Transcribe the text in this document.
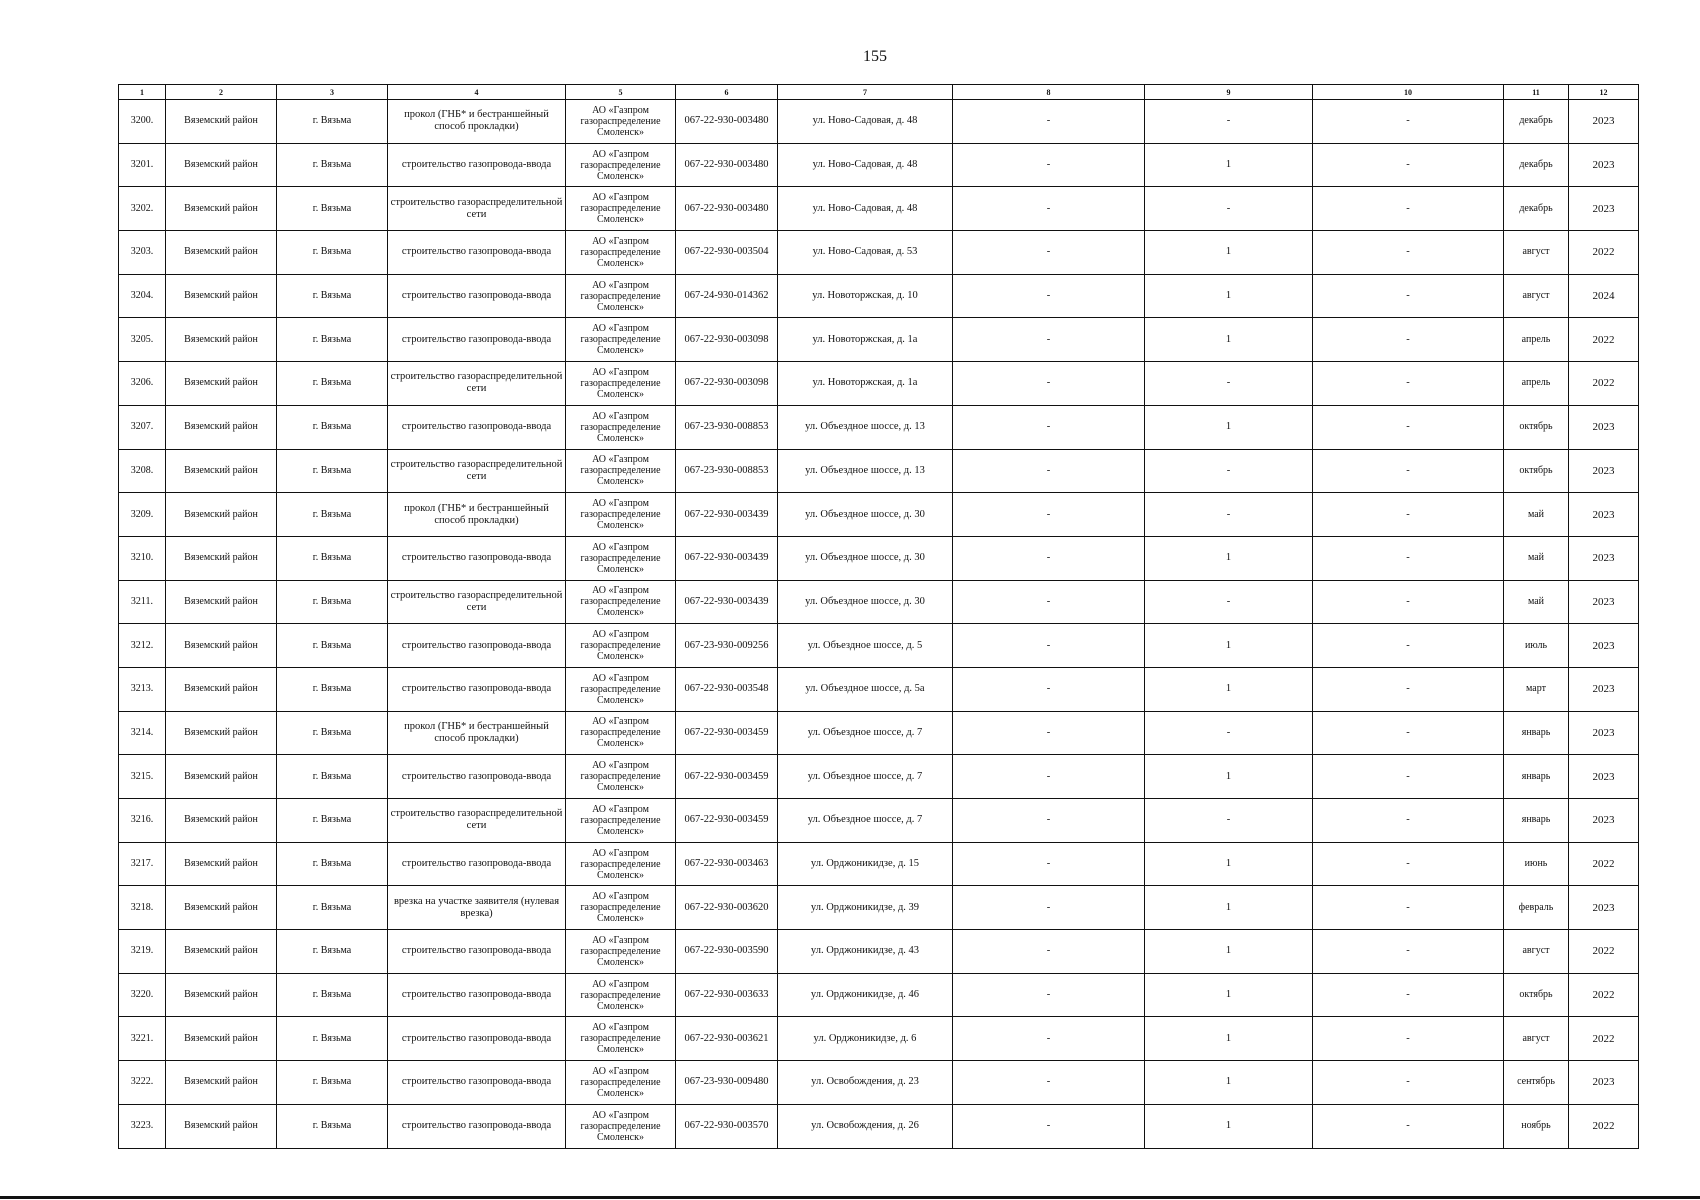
155
1	2	3	4	5	6	7	8	9	10	11	12
3200.	Вяземский район	г. Вязьма	прокол (ГНБ* и бестраншейный способ прокладки)	АО «Газпром газораспределение Смоленск»	067-22-930-003480	ул. Ново-Садовая, д. 48	-	-	-	декабрь	2023
3201.	Вяземский район	г. Вязьма	строительство газопровода-ввода	АО «Газпром газораспределение Смоленск»	067-22-930-003480	ул. Ново-Садовая, д. 48	-	1	-	декабрь	2023
3202.	Вяземский район	г. Вязьма	строительство газораспределительной сети	АО «Газпром газораспределение Смоленск»	067-22-930-003480	ул. Ново-Садовая, д. 48	-	-	-	декабрь	2023
3203.	Вяземский район	г. Вязьма	строительство газопровода-ввода	АО «Газпром газораспределение Смоленск»	067-22-930-003504	ул. Ново-Садовая, д. 53	-	1	-	август	2022
3204.	Вяземский район	г. Вязьма	строительство газопровода-ввода	АО «Газпром газораспределение Смоленск»	067-24-930-014362	ул. Новоторжская, д. 10	-	1	-	август	2024
3205.	Вяземский район	г. Вязьма	строительство газопровода-ввода	АО «Газпром газораспределение Смоленск»	067-22-930-003098	ул. Новоторжская, д. 1а	-	1	-	апрель	2022
3206.	Вяземский район	г. Вязьма	строительство газораспределительной сети	АО «Газпром газораспределение Смоленск»	067-22-930-003098	ул. Новоторжская, д. 1а	-	-	-	апрель	2022
3207.	Вяземский район	г. Вязьма	строительство газопровода-ввода	АО «Газпром газораспределение Смоленск»	067-23-930-008853	ул. Объездное шоссе, д. 13	-	1	-	октябрь	2023
3208.	Вяземский район	г. Вязьма	строительство газораспределительной сети	АО «Газпром газораспределение Смоленск»	067-23-930-008853	ул. Объездное шоссе, д. 13	-	-	-	октябрь	2023
3209.	Вяземский район	г. Вязьма	прокол (ГНБ* и бестраншейный способ прокладки)	АО «Газпром газораспределение Смоленск»	067-22-930-003439	ул. Объездное шоссе, д. 30	-	-	-	май	2023
3210.	Вяземский район	г. Вязьма	строительство газопровода-ввода	АО «Газпром газораспределение Смоленск»	067-22-930-003439	ул. Объездное шоссе, д. 30	-	1	-	май	2023
3211.	Вяземский район	г. Вязьма	строительство газораспределительной сети	АО «Газпром газораспределение Смоленск»	067-22-930-003439	ул. Объездное шоссе, д. 30	-	-	-	май	2023
3212.	Вяземский район	г. Вязьма	строительство газопровода-ввода	АО «Газпром газораспределение Смоленск»	067-23-930-009256	ул. Объездное шоссе, д. 5	-	1	-	июль	2023
3213.	Вяземский район	г. Вязьма	строительство газопровода-ввода	АО «Газпром газораспределение Смоленск»	067-22-930-003548	ул. Объездное шоссе, д. 5а	-	1	-	март	2023
3214.	Вяземский район	г. Вязьма	прокол (ГНБ* и бестраншейный способ прокладки)	АО «Газпром газораспределение Смоленск»	067-22-930-003459	ул. Объездное шоссе, д. 7	-	-	-	январь	2023
3215.	Вяземский район	г. Вязьма	строительство газопровода-ввода	АО «Газпром газораспределение Смоленск»	067-22-930-003459	ул. Объездное шоссе, д. 7	-	1	-	январь	2023
3216.	Вяземский район	г. Вязьма	строительство газораспределительной сети	АО «Газпром газораспределение Смоленск»	067-22-930-003459	ул. Объездное шоссе, д. 7	-	-	-	январь	2023
3217.	Вяземский район	г. Вязьма	строительство газопровода-ввода	АО «Газпром газораспределение Смоленск»	067-22-930-003463	ул. Орджоникидзе, д. 15	-	1	-	июнь	2022
3218.	Вяземский район	г. Вязьма	врезка на участке заявителя (нулевая врезка)	АО «Газпром газораспределение Смоленск»	067-22-930-003620	ул. Орджоникидзе, д. 39	-	1	-	февраль	2023
3219.	Вяземский район	г. Вязьма	строительство газопровода-ввода	АО «Газпром газораспределение Смоленск»	067-22-930-003590	ул. Орджоникидзе, д. 43	-	1	-	август	2022
3220.	Вяземский район	г. Вязьма	строительство газопровода-ввода	АО «Газпром газораспределение Смоленск»	067-22-930-003633	ул. Орджоникидзе, д. 46	-	1	-	октябрь	2022
3221.	Вяземский район	г. Вязьма	строительство газопровода-ввода	АО «Газпром газораспределение Смоленск»	067-22-930-003621	ул. Орджоникидзе, д. 6	-	1	-	август	2022
3222.	Вяземский район	г. Вязьма	строительство газопровода-ввода	АО «Газпром газораспределение Смоленск»	067-23-930-009480	ул. Освобождения, д. 23	-	1	-	сентябрь	2023
3223.	Вяземский район	г. Вязьма	строительство газопровода-ввода	АО «Газпром газораспределение Смоленск»	067-22-930-003570	ул. Освобождения, д. 26	-	1	-	ноябрь	2022
